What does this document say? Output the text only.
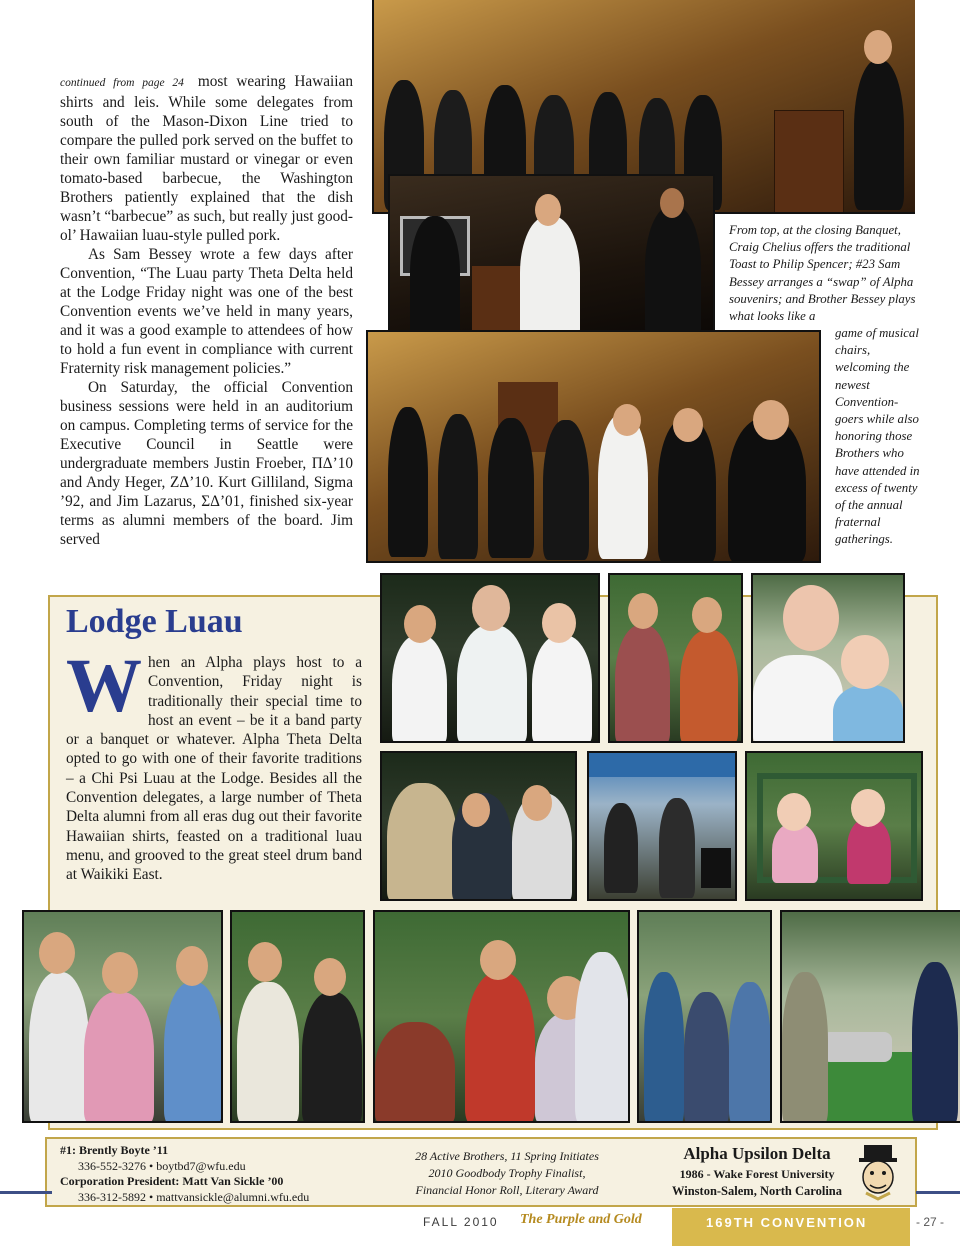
continued from page 24 most wearing Hawaiian shirts and leis. While some delegates from south of the Mason-Dixon Line tried to compare the pulled pork served on the buffet to their own familiar mustard or vinegar or even tomato-based barbecue, the Washington Brothers patiently explained that the dish wasn’t “barbecue” as such, but really just good-ol’ Hawaiian luau-style pulled pork.

As Sam Bessey wrote a few days after Convention, “The Luau party Theta Delta held at the Lodge Friday night was one of the best Convention events we’ve held in many years, and it was a good example to attendees of how to hold a fun event in compliance with current Fraternity risk management policies.”

On Saturday, the official Convention business sessions were held in an auditorium on campus. Completing terms of service for the Executive Council in Seattle were undergraduate members Justin Froeber, ΠΔ’10 and Andy Heger, ΖΔ’10. Kurt Gilliland, Sigma ’92, and Jim Lazarus, ΣΔ’01, finished six-year terms as alumni members of the board. Jim served

From top, at the closing Banquet, Craig Chelius offers the traditional Toast to Philip Spencer; #23 Sam Bessey arranges a “swap” of Alpha souvenirs; and Brother Bessey plays what looks like a
game of musical chairs, welcoming the newest Convention-goers while also honoring those Brothers who have attended in excess of twenty of the annual fraternal gatherings.
Lodge Luau
When an Alpha plays host to a Convention, Friday night is traditionally their special time to host an event – be it a band party or a banquet or whatever. Alpha Theta Delta opted to go with one of their favorite traditions – a Chi Psi Luau at the Lodge. Besides all the Convention delegates, a large number of Theta Delta alumni from all eras dug out their favorite Hawaiian shirts, feasted on a traditional luau menu, and grooved to the great steel drum band at Waikiki East.
#1: Brently Boyte ’11
336-552-3276 • boytbd7@wfu.edu
Corporation President: Matt Van Sickle ’00
336-312-5892 • mattvansickle@alumni.wfu.edu
28 Active Brothers, 11 Spring Initiates
2010 Goodbody Trophy Finalist,
Financial Honor Roll, Literary Award
Alpha Upsilon Delta
1986 - Wake Forest University
Winston-Salem, North Carolina
FALL 2010 The Purple and Gold	169TH CONVENTION	- 27 -
